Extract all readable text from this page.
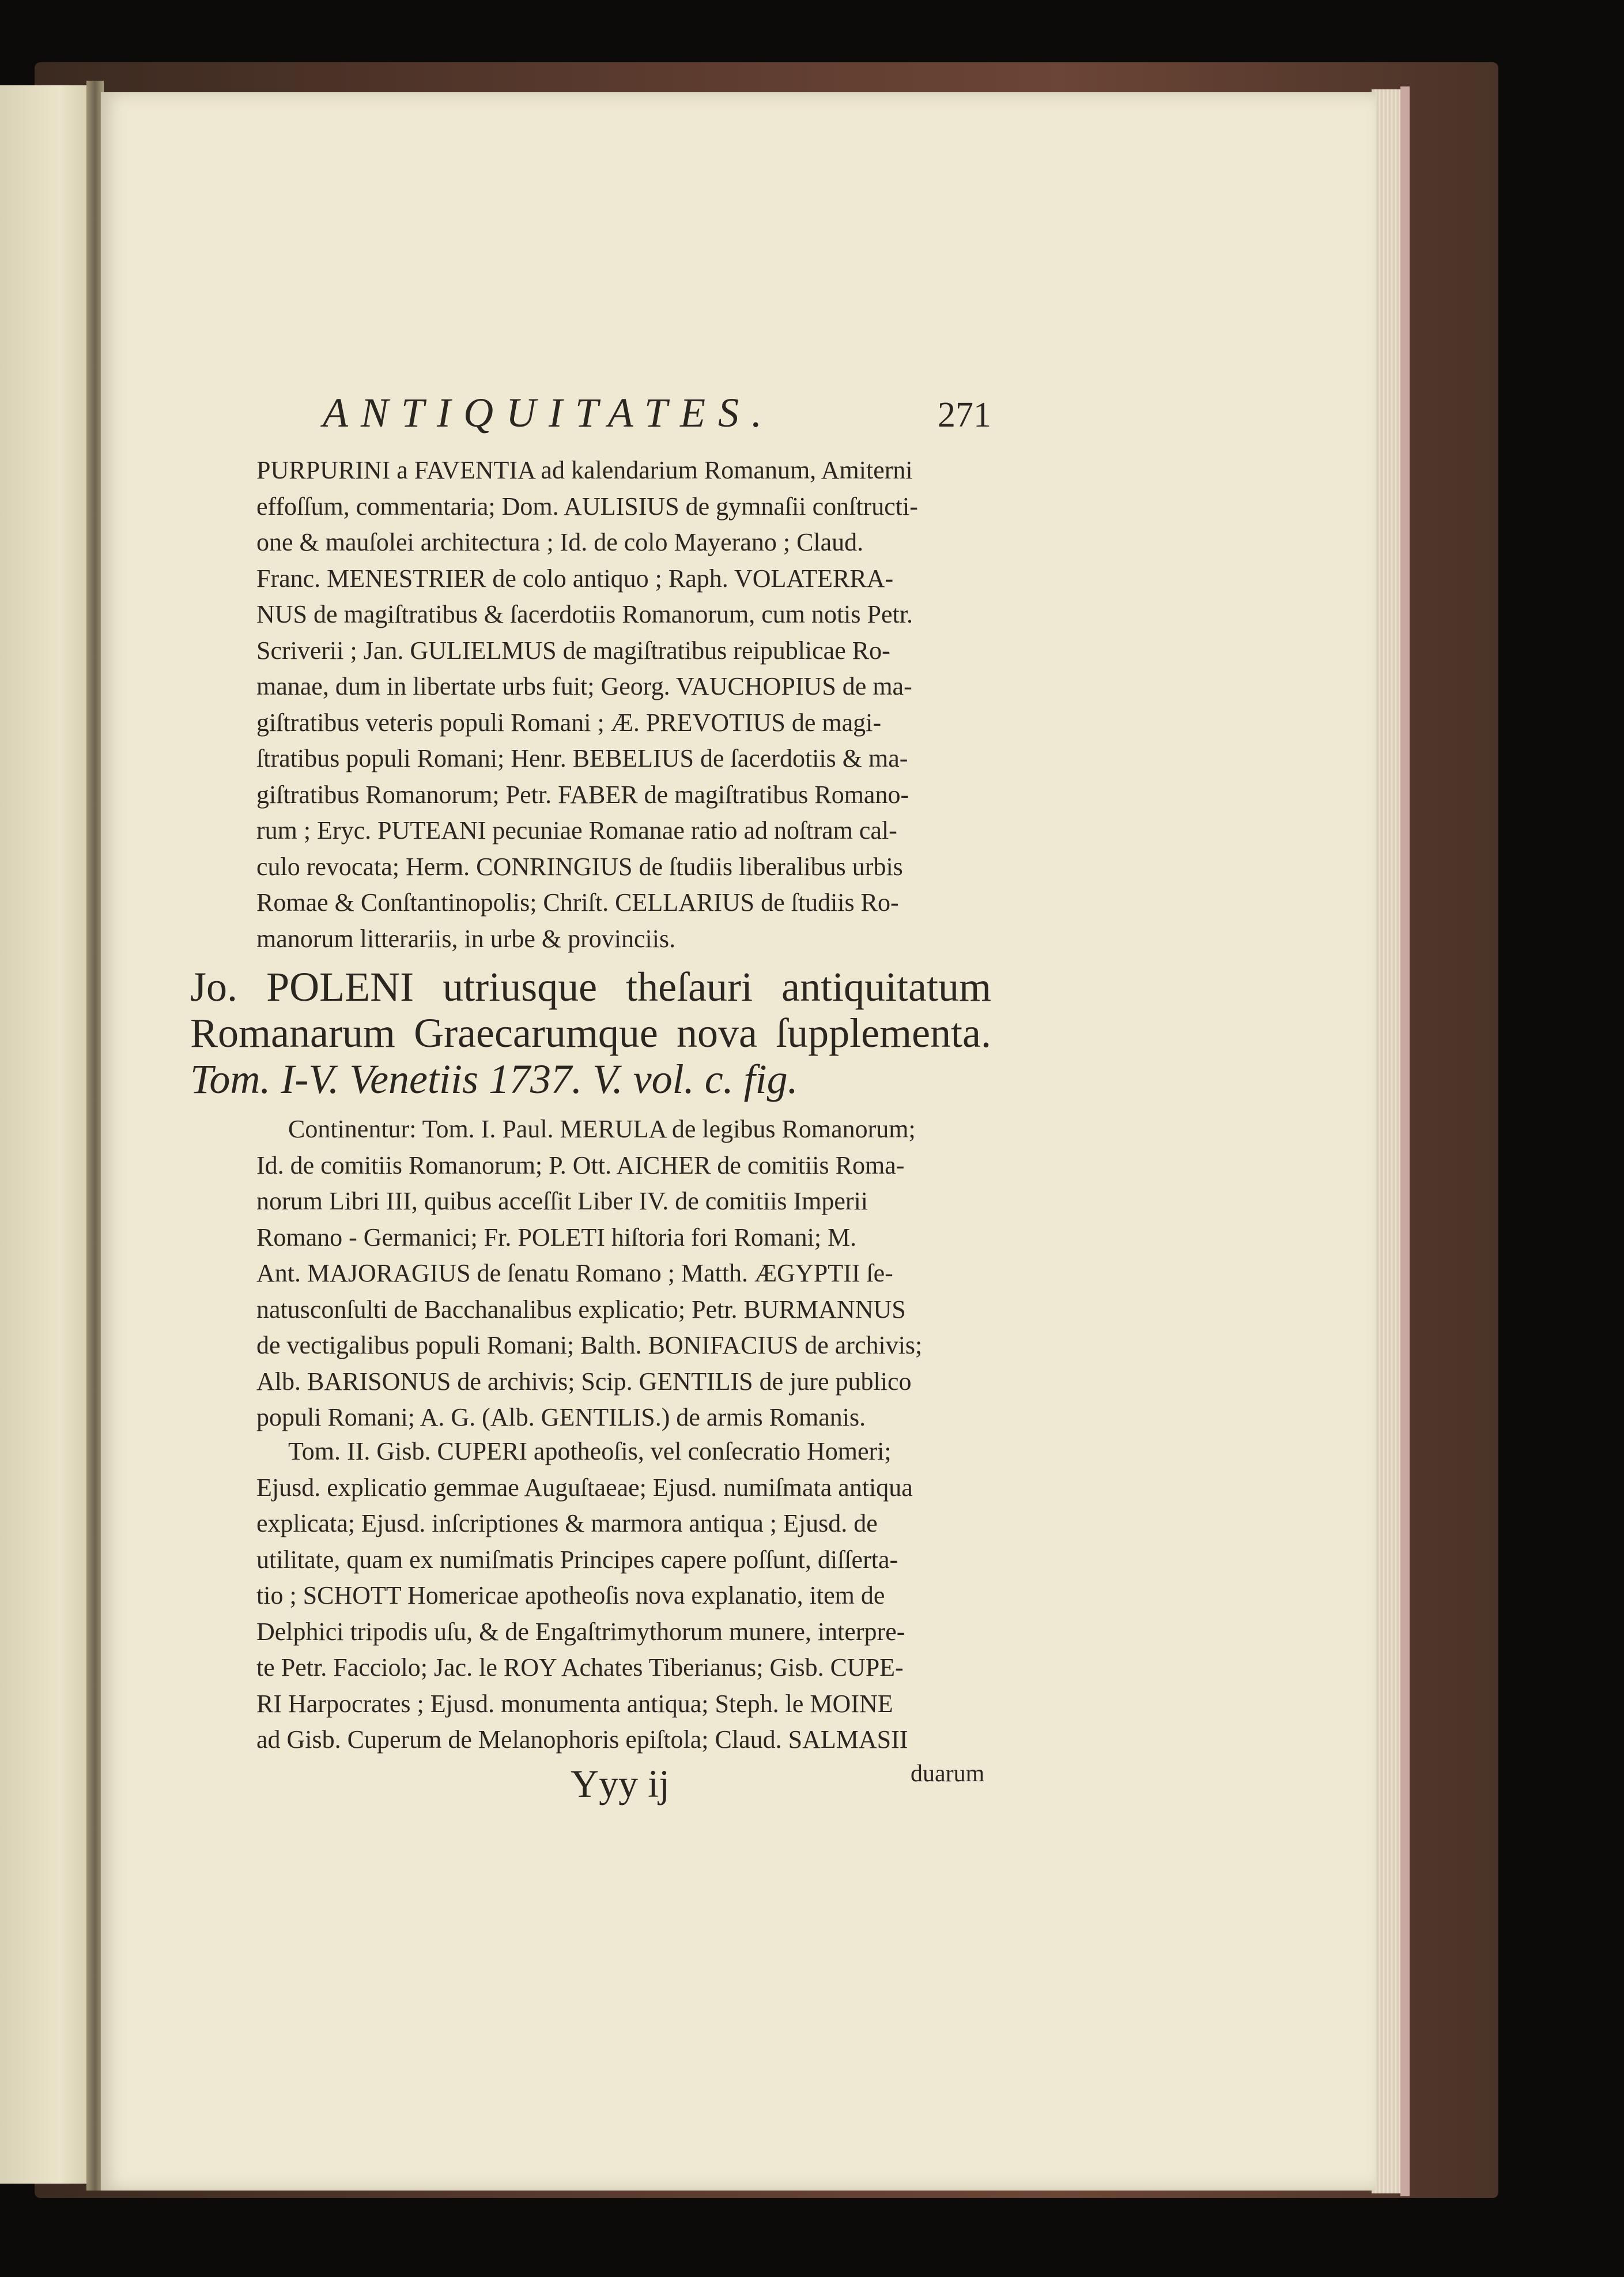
ANTIQUITATES.	271

PURPURINI a FAVENTIA ad kalendarium Romanum, Amiterni

effoſſum, commentaria; Dom. AULISIUS de gymnaſii conſtructi-

one & mauſolei architectura ; Id. de colo Mayerano ; Claud.

Franc. MENESTRIER de colo antiquo ; Raph. VOLATERRA-

NUS de magiſtratibus & ſacerdotiis Romanorum, cum notis Petr.

Scriverii ; Jan. GULIELMUS de magiſtratibus reipublicae Ro-

manae, dum in libertate urbs fuit; Georg. VAUCHOPIUS de ma-

giſtratibus veteris populi Romani ; Æ. PREVOTIUS de magi-

ſtratibus populi Romani; Henr. BEBELIUS de ſacerdotiis & ma-

giſtratibus Romanorum; Petr. FABER de magiſtratibus Romano-

rum ; Eryc. PUTEANI pecuniae Romanae ratio ad noſtram cal-

culo revocata; Herm. CONRINGIUS de ſtudiis liberalibus urbis

Romae & Conſtantinopolis; Chriſt. CELLARIUS de ſtudiis Ro-

manorum litterariis, in urbe & provinciis.

Jo. POLENI utriusque theſauri antiquitatum

Romanarum Graecarumque nova ſupplementa.

Tom. I-V. Venetiis 1737. V. vol. c. fig.

Continentur: Tom. I. Paul. MERULA de legibus Romanorum;

Id. de comitiis Romanorum; P. Ott. AICHER de comitiis Roma-

norum Libri III, quibus acceſſit Liber IV. de comitiis Imperii

Romano - Germanici; Fr. POLETI hiſtoria fori Romani; M.

Ant. MAJORAGIUS de ſenatu Romano ; Matth. ÆGYPTII ſe-

natusconſulti de Bacchanalibus explicatio; Petr. BURMANNUS

de vectigalibus populi Romani; Balth. BONIFACIUS de archivis;

Alb. BARISONUS de archivis; Scip. GENTILIS de jure publico

populi Romani; A. G. (Alb. GENTILIS.) de armis Romanis.

Tom. II. Gisb. CUPERI apotheoſis, vel conſecratio Homeri;

Ejusd. explicatio gemmae Auguſtaeae; Ejusd. numiſmata antiqua

explicata; Ejusd. inſcriptiones & marmora antiqua ; Ejusd. de

utilitate, quam ex numiſmatis Principes capere poſſunt, diſſerta-

tio ; SCHOTT Homericae apotheoſis nova explanatio, item de

Delphici tripodis uſu, & de Engaſtrimythorum munere, interpre-

te Petr. Facciolo; Jac. le ROY Achates Tiberianus; Gisb. CUPE-

RI Harpocrates ; Ejusd. monumenta antiqua; Steph. le MOINE

ad Gisb. Cuperum de Melanophoris epiſtola; Claud. SALMASII

Yyy ij	duarum
